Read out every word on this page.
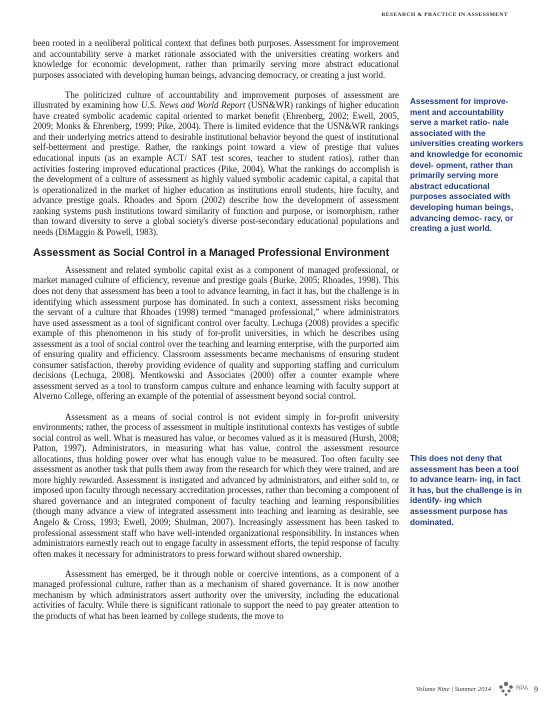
RESEARCH & PRACTICE IN ASSESSMENT

been rooted in a neoliberal political context that defines both purposes. Assessment for improvement and accountability serve a market rationale associated with the universities creating workers and knowledge for economic development, rather than primarily serving more abstract educational purposes associated with developing human beings, advancing democracy, or creating a just world.

The politicized culture of accountability and improvement purposes of assessment are illustrated by examining how U.S. News and World Report (USN&WR) rankings of higher education have created symbolic academic capital oriented to market benefit (Ehrenberg, 2002; Ewell, 2005, 2009; Monks & Ehrenberg, 1999; Pike, 2004). There is limited evidence that the USN&WR rankings and their underlying metrics attend to desirable institutional behavior beyond the quest of institutional self-betterment and prestige. Rather, the rankings point toward a view of prestige that values educational inputs (as an example ACT/ SAT test scores, teacher to student ratios), rather than activities fostering improved educational practices (Pike, 2004). What the rankings do accomplish is the development of a culture of assessment as highly valued symbolic academic capital, a capital that is operationalized in the market of higher education as institutions enroll students, hire faculty, and advance prestige goals. Rhoades and Sporn (2002) describe how the development of assessment ranking systems push institutions toward similarity of function and purpose, or isomorphism, rather than toward diversity to serve a global society's diverse post-secondary educational populations and needs (DiMaggio & Powell, 1983).

Assessment as Social Control in a Managed Professional Environment

Assessment and related symbolic capital exist as a component of managed professional, or market managed culture of efficiency, revenue and prestige goals (Burke, 2005; Rhoades, 1998). This does not deny that assessment has been a tool to advance learning, in fact it has, but the challenge is in identifying which assessment purpose has dominated. In such a context, assessment risks becoming the servant of a culture that Rhoades (1998) termed “managed professional,” where administrators have used assessment as a tool of significant control over faculty. Lechuga (2008) provides a specific example of this phenomenon in his study of for-profit universities, in which he describes using assessment as a tool of social control over the teaching and learning enterprise, with the purported aim of ensuring quality and efficiency. Classroom assessments became mechanisms of ensuring student consumer satisfaction, thereby providing evidence of quality and supporting staffing and curriculum decisions (Lechuga, 2008). Mentkowski and Associates (2000) offer a counter example where assessment served as a tool to transform campus culture and enhance learning with faculty support at Alverno College, offering an example of the potential of assessment beyond social control.

Assessment as a means of social control is not evident simply in for-profit university environments; rather, the process of assessment in multiple institutional contexts has vestiges of subtle social control as well. What is measured has value, or becomes valued as it is measured (Hursh, 2008; Patton, 1997). Administrators, in measuring what has value, control the assessment resource allocations, thus holding power over what has enough value to be measured. Too often faculty see assessment as another task that pulls them away from the research for which they were trained, and are more highly rewarded. Assessment is instigated and advanced by administrators, and either sold to, or imposed upon faculty through necessary accreditation processes, rather than becoming a component of shared governance and an integrated component of faculty teaching and learning responsibilities (though many advance a view of integrated assessment into teaching and learning as desirable, see Angelo & Cross, 1993; Ewell, 2009; Shulman, 2007). Increasingly assessment has been tasked to professional assessment staff who have well-intended organizational responsibility. In instances when administrators earnestly reach out to engage faculty in assessment efforts, the tepid response of faculty often makes it necessary for administrators to press forward without shared ownership.

Assessment has emerged, be it through noble or coercive intentions, as a component of a managed professional culture, rather than as a mechanism of shared governance. It is now another mechanism by which administrators assert authority over the university, including the educational activities of faculty. While there is significant rationale to support the need to pay greater attention to the products of what has been learned by college students, the move to

Assessment for improve- ment and accountability serve a market ratio- nale associated with the universities creating workers and knowledge for economic devel- opment, rather than primarily serving more abstract educational purposes associated with developing human beings, advancing democ- racy, or creating a just world.
This does not deny that assessment has been a tool to advance learn- ing, in fact it has, but the challenge is in identify- ing which assessment purpose has dominated.
Volume Nine | Summer 2014	RPA 9
